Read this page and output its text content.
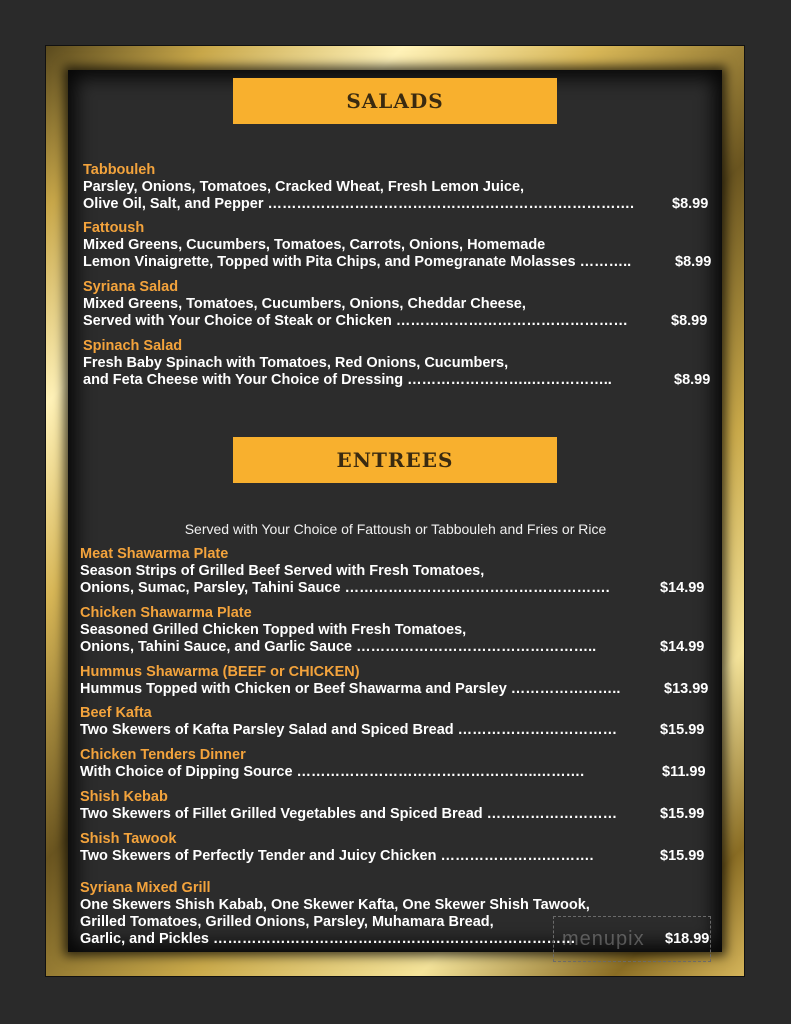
SALADS
Tabbouleh
Parsley, Onions, Tomatoes, Cracked Wheat, Fresh Lemon Juice,
Olive Oil, Salt, and Pepper ………………………………………………………………….	$8.99
Fattoush
Mixed Greens, Cucumbers, Tomatoes, Carrots, Onions, Homemade
Lemon Vinaigrette, Topped with Pita Chips, and Pomegranate Molasses ………..	$8.99
Syriana Salad
Mixed Greens, Tomatoes, Cucumbers, Onions, Cheddar Cheese,
Served with Your Choice of Steak or Chicken …………………………………………	$8.99
Spinach Salad
Fresh Baby Spinach with Tomatoes, Red Onions, Cucumbers,
and Feta Cheese with Your Choice of Dressing ……………………..……………..	$8.99
ENTREES
Served with Your Choice of Fattoush or Tabbouleh and Fries or Rice
Meat Shawarma Plate
Season Strips of Grilled Beef Served with Fresh Tomatoes,
Onions, Sumac, Parsley, Tahini Sauce ……………………………………………….	$14.99
Chicken Shawarma Plate
Seasoned Grilled Chicken Topped with Fresh Tomatoes,
Onions, Tahini Sauce, and Garlic Sauce …………………………………………..	$14.99
Hummus Shawarma (BEEF or CHICKEN)
Hummus Topped with Chicken or Beef Shawarma and Parsley …………………..	$13.99
Beef Kafta
Two Skewers of Kafta Parsley Salad and Spiced Bread ……………………………	$15.99
Chicken Tenders Dinner
With Choice of Dipping Source …………………………………………..……….	$11.99
Shish Kebab
Two Skewers of Fillet Grilled Vegetables and Spiced Bread ………………………	$15.99
Shish Tawook
Two Skewers of Perfectly Tender and Juicy Chicken ………………….……….	$15.99
Syriana Mixed Grill
One Skewers Shish Kabab, One Skewer Kafta, One Skewer Shish Tawook,
Grilled Tomatoes, Grilled Onions, Parsley, Muhamara Bread,
Garlic, and Pickles …………………………………………………………………	$18.99
menupix
